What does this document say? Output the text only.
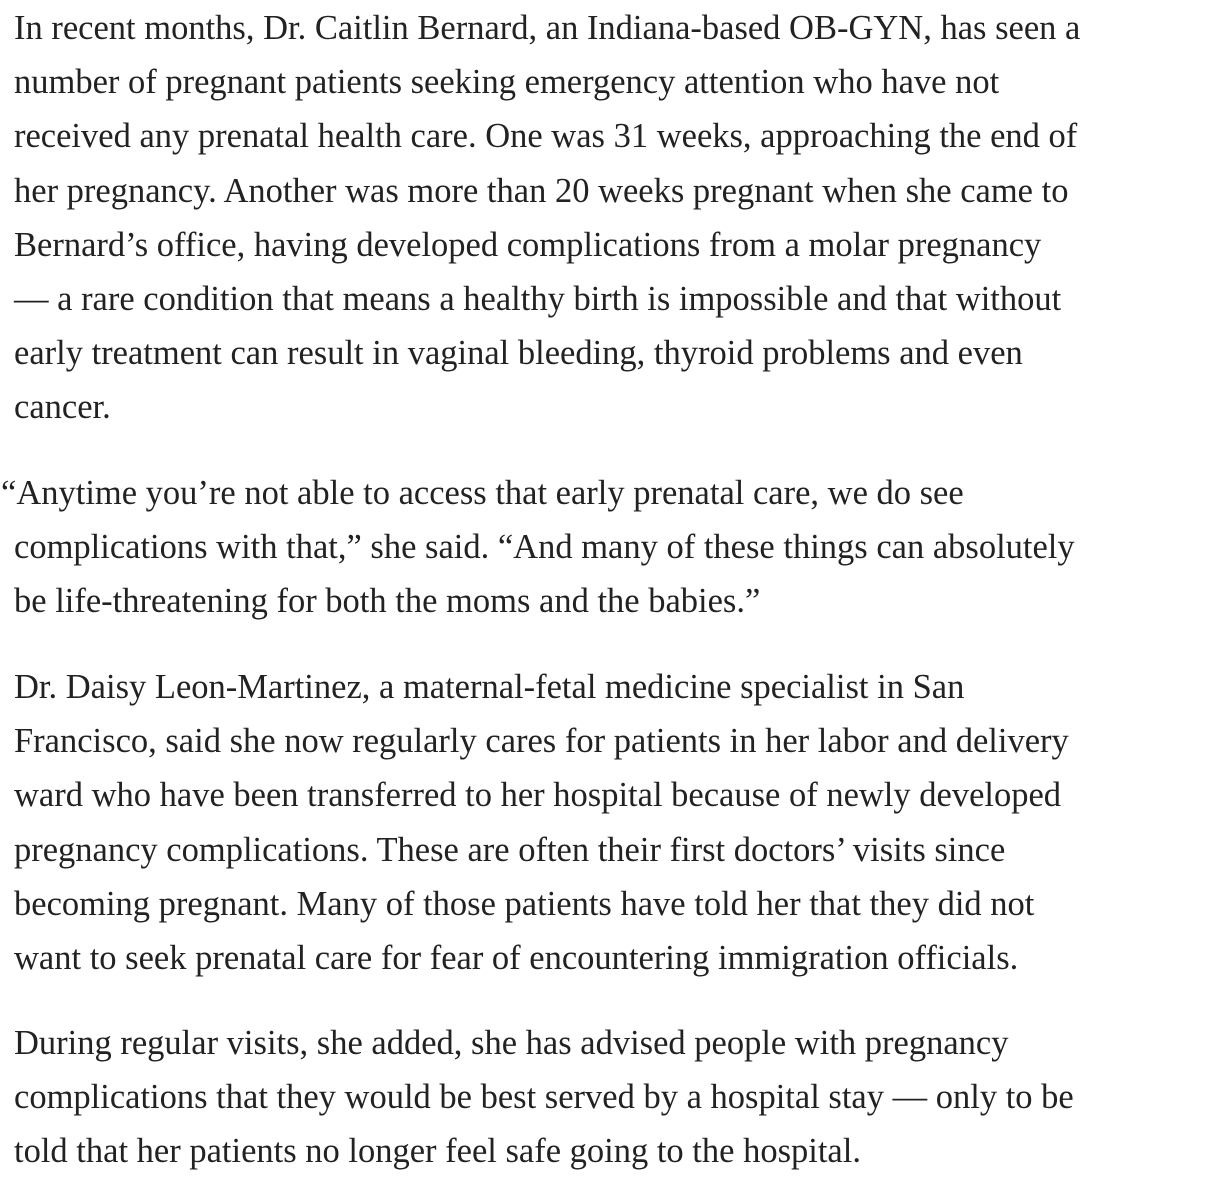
In recent months, Dr. Caitlin Bernard, an Indiana-based OB-GYN, has seen a
number of pregnant patients seeking emergency attention who have not
received any prenatal health care. One was 31 weeks, approaching the end of
her pregnancy. Another was more than 20 weeks pregnant when she came to
Bernard’s office, having developed complications from a molar pregnancy
— a rare condition that means a healthy birth is impossible and that without
early treatment can result in vaginal bleeding, thyroid problems and even
cancer.

“Anytime you’re not able to access that early prenatal care, we do see
complications with that,” she said. “And many of these things can absolutely
be life-threatening for both the moms and the babies.”

Dr. Daisy Leon-Martinez, a maternal-fetal medicine specialist in San
Francisco, said she now regularly cares for patients in her labor and delivery
ward who have been transferred to her hospital because of newly developed
pregnancy complications. These are often their first doctors’ visits since
becoming pregnant. Many of those patients have told her that they did not
want to seek prenatal care for fear of encountering immigration officials.

During regular visits, she added, she has advised people with pregnancy
complications that they would be best served by a hospital stay — only to be
told that her patients no longer feel safe going to the hospital.
